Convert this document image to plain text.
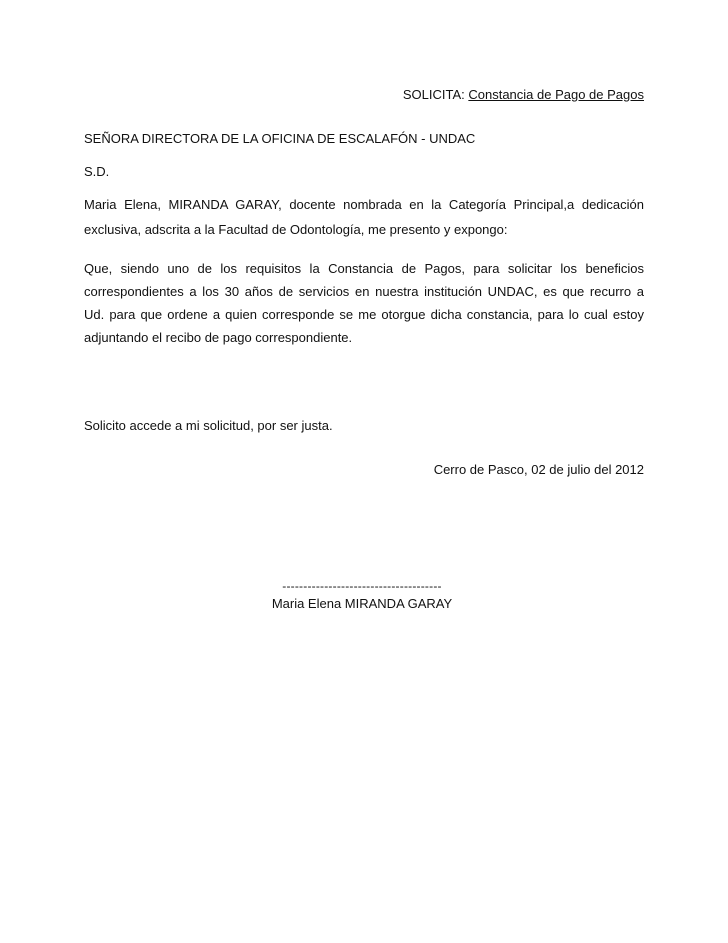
SOLICITA: Constancia de Pago de Pagos
SEÑORA DIRECTORA DE LA OFICINA DE ESCALAFÓN - UNDAC
S.D.
Maria Elena, MIRANDA GARAY, docente nombrada en la Categoría Principal,a dedicación
exclusiva, adscrita a la Facultad de Odontología, me presento y expongo:
Que, siendo uno de los requisitos la Constancia de Pagos, para solicitar los beneficios
correspondientes a los 30 años de servicios en nuestra institución UNDAC, es que recurro a
Ud. para que ordene a quien corresponde se me otorgue dicha constancia, para lo cual estoy
adjuntando el recibo de pago correspondiente.
Solicito accede a mi solicitud, por ser justa.
Cerro de Pasco, 02 de julio del 2012
--------------------------------------
Maria Elena MIRANDA GARAY
